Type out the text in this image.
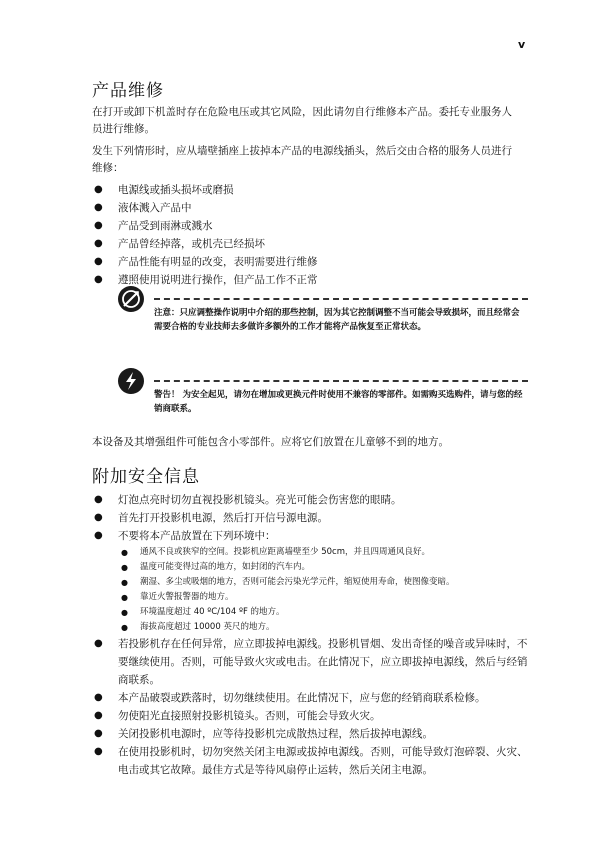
v
产品维修

在打开或卸下机盖时存在危险电压或其它风险，因此请勿自行维修本产品。委托专业服务人员进行维修。

发生下列情形时，应从墙壁插座上拔掉本产品的电源线插头，然后交由合格的服务人员进行维修：

● 电源线或插头损坏或磨损
● 液体溅入产品中
● 产品受到雨淋或溅水
● 产品曾经掉落，或机壳已经损坏
● 产品性能有明显的改变，表明需要进行维修
● 遵照使用说明进行操作，但产品工作不正常
注意：只应调整操作说明中介绍的那些控制，因为其它控制调整不当可能会导致损坏，而且经常会需要合格的专业技师去多做许多额外的工作才能将产品恢复至正常状态。
警告！ 为安全起见，请勿在增加或更换元件时使用不兼容的零部件。如需购买选购件，请与您的经销商联系。

本设备及其增强组件可能包含小零部件。应将它们放置在儿童够不到的地方。

附加安全信息
● 灯泡点亮时切勿直视投影机镜头。亮光可能会伤害您的眼睛。
● 首先打开投影机电源，然后打开信号源电源。
● 不要将本产品放置在下列环境中：
● 通风不良或狭窄的空间。投影机应距离墙壁至少 50cm，并且四周通风良好。
● 温度可能变得过高的地方，如封闭的汽车内。
● 潮湿、多尘或吸烟的地方，否则可能会污染光学元件，缩短使用寿命，使图像变暗。
● 靠近火警报警器的地方。
● 环境温度超过 40 ºC/104 ºF 的地方。
● 海拔高度超过 10000 英尺的地方。
● 若投影机存在任何异常，应立即拔掉电源线。投影机冒烟、发出奇怪的噪音或异味时，不要继续使用。否则，可能导致火灾或电击。在此情况下，应立即拔掉电源线，然后与经销商联系。
● 本产品破裂或跌落时，切勿继续使用。在此情况下，应与您的经销商联系检修。
● 勿使阳光直接照射投影机镜头。否则，可能会导致火灾。
● 关闭投影机电源时，应等待投影机完成散热过程，然后拔掉电源线。
● 在使用投影机时，切勿突然关闭主电源或拔掉电源线。否则，可能导致灯泡碎裂、火灾、电击或其它故障。最佳方式是等待风扇停止运转，然后关闭主电源。
